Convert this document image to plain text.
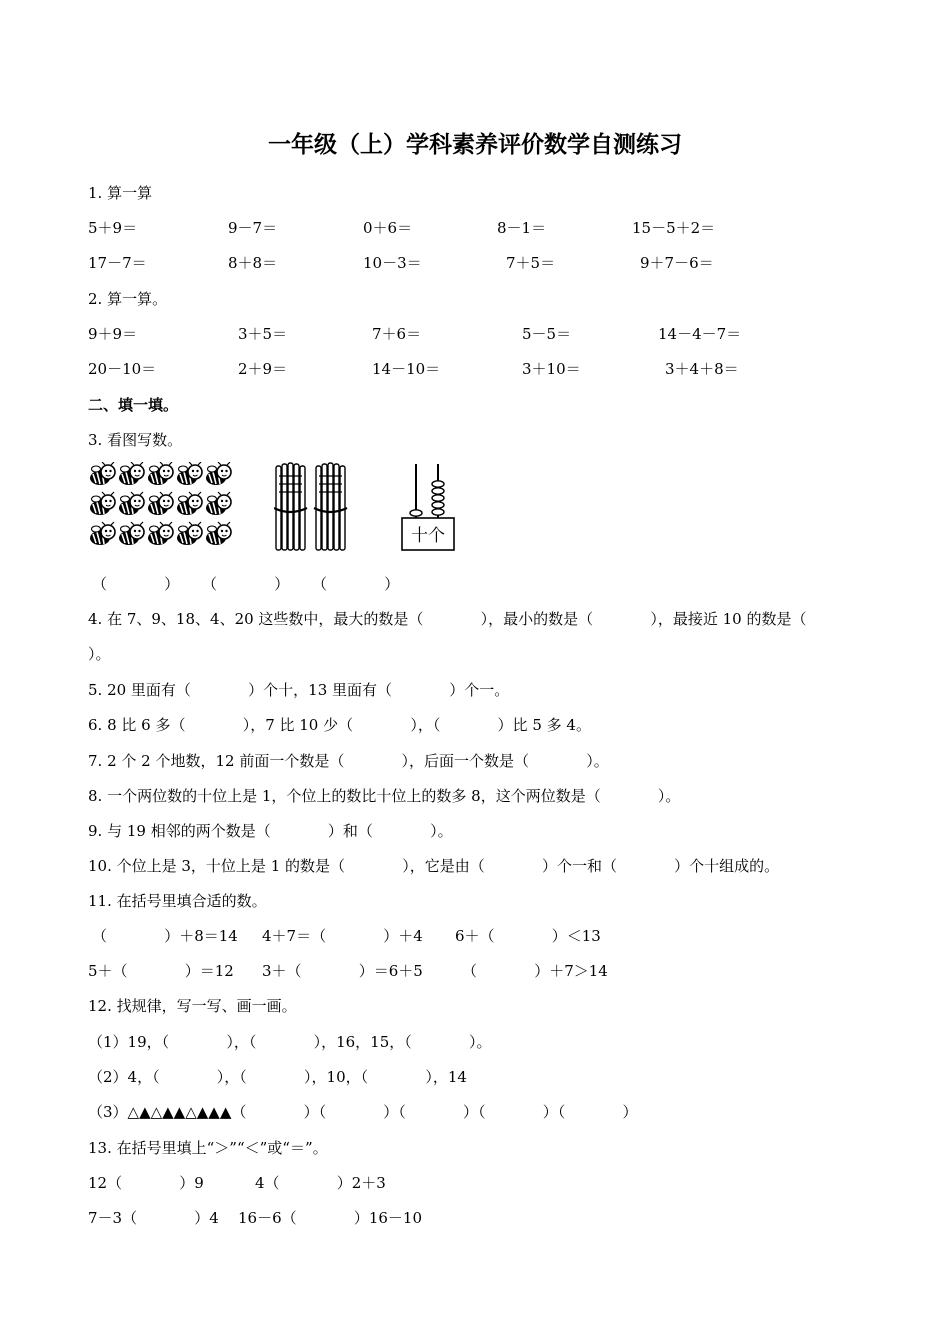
一年级（上）学科素养评价数学自测练习

1. 算一算

5＋9＝

	9－7＝

	0＋6＝

	8－1＝

	15－5＋2＝

17－7＝

	8＋8＝

	10－3＝

	7＋5＝

	9＋7－6＝

2. 算一算。

9＋9＝

	3＋5＝

	7＋6＝

	5－5＝

	14－4－7＝

20－10＝

	2＋9＝

	14－10＝

	3＋10＝

	3＋4＋8＝

二、填一填。

3. 看图写数。

十个

（            ）

（            ）

（            ）

4. 在 7、9、18、4、20 这些数中，最大的数是（            ），最小的数是（            ），最接近 10 的数是（

）。

5. 20 里面有（            ）个十，13 里面有（            ）个一。
6. 8 比 6 多（            ），7 比 10 少（            ），（            ）比 5 多 4。
7. 2 个 2 个地数，12 前面一个数是（            ），后面一个数是（            ）。
8. 一个两位数的十位上是 1，个位上的数比十位上的数多 8，这个两位数是（            ）。
9. 与 19 相邻的两个数是（            ）和（            ）。
10. 个位上是 3，十位上是 1 的数是（            ），它是由（            ）个一和（            ）个十组成的。
11. 在括号里填合适的数。

（            ）＋8＝14

4＋7＝（            ）＋4

6＋（            ）＜13

5＋（            ）＝12

3＋（            ）＝6＋5

	（            ）＋7＞14

12. 找规律，写一写、画一画。
（1）19，（            ），（            ），16，15，（            ）。
（2）4，（            ），（            ），10，（            ），14
（3）△▲△▲▲△▲▲▲（            ）（            ）（            ）（            ）（            ）
13. 在括号里填上“＞”“＜”或“＝”。

12（            ）9

	4（            ）2＋3

7－3（            ）4

16－6（            ）16－10
